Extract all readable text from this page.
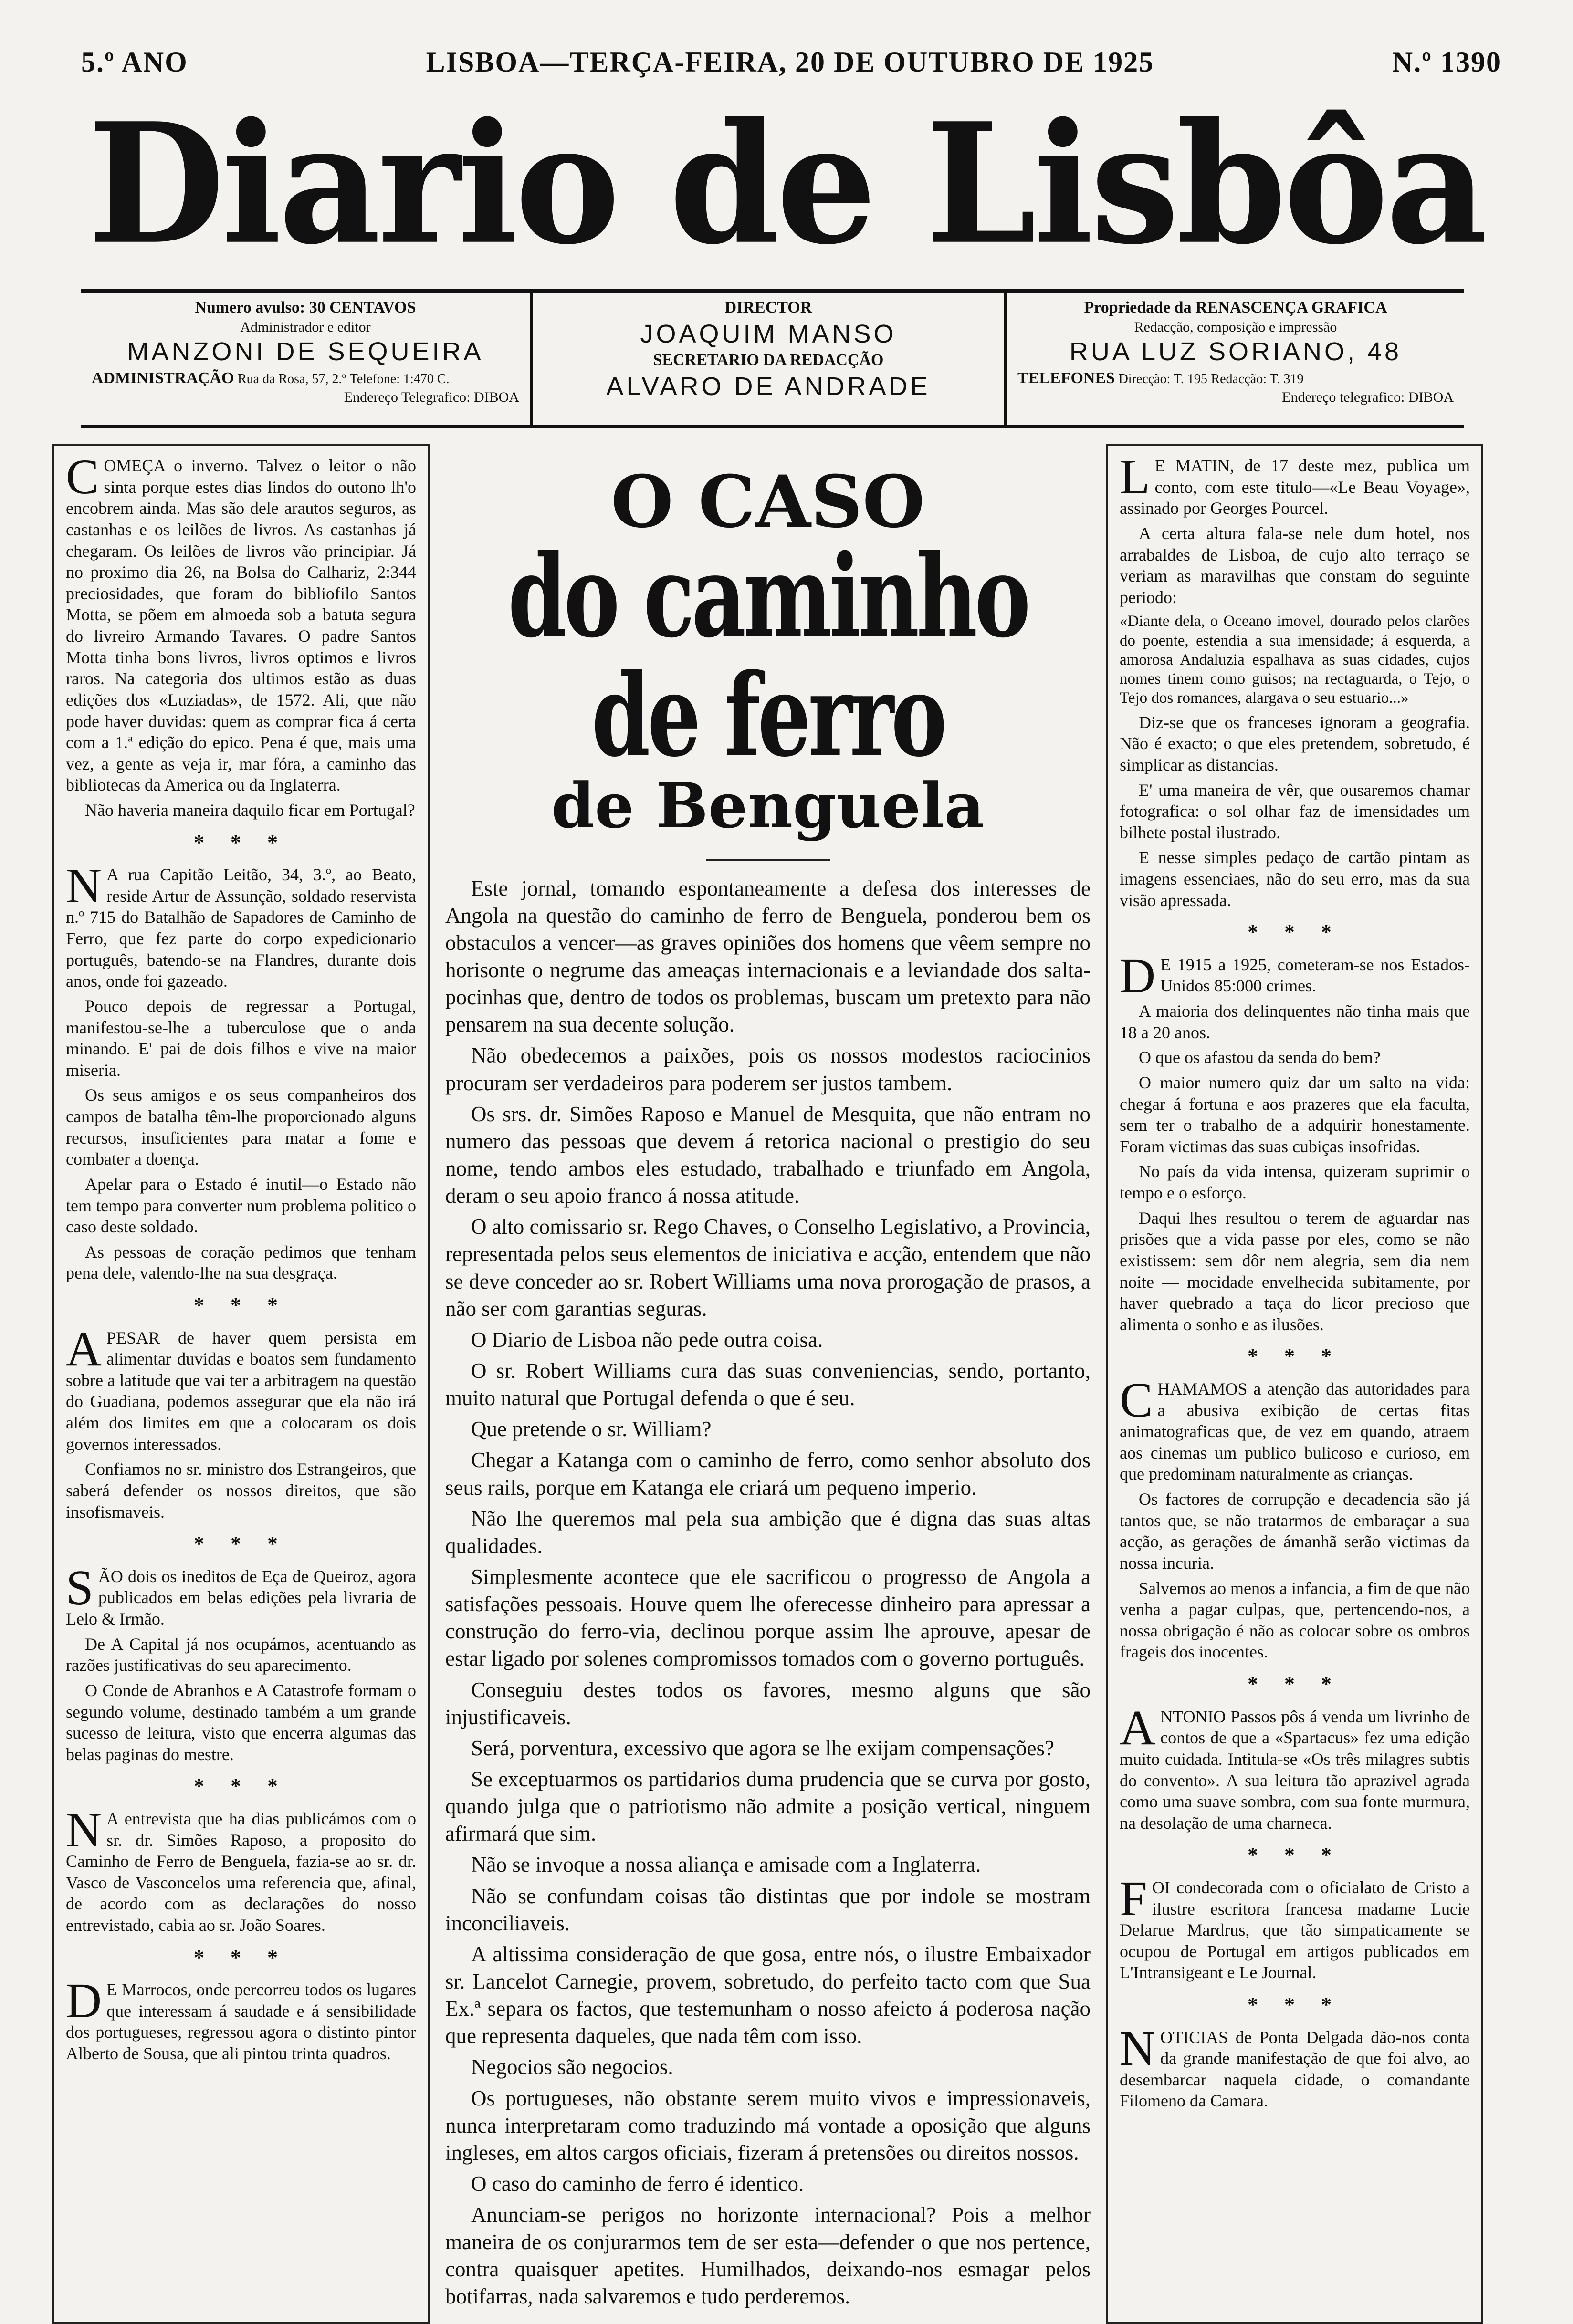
5.º ANO	LISBOA—TERÇA-FEIRA, 20 DE OUTUBRO DE 1925	N.º 1390
Diario de Lisbôa
Numero avulso: 30 CENTAVOS
Administrador e editor
MANZONI DE SEQUEIRA
ADMINISTRAÇÃO Rua da Rosa, 57, 2.º Telefone: 1:470 C.
Endereço Telegrafico: DIBOA
DIRECTOR
JOAQUIM MANSO
SECRETARIO DA REDACÇÃO
ALVARO DE ANDRADE
Propriedade da RENASCENÇA GRAFICA
Redacção, composição e impressão
RUA LUZ SORIANO, 48
TELEFONES Direcção: T. 195 Redacção: T. 319
Endereço telegrafico: DIBOA

COMEÇA o inverno. Talvez o leitor o não sinta porque estes dias lindos do outono lh'o encobrem ainda. Mas são dele arautos seguros, as castanhas e os leilões de livros. As castanhas já chegaram. Os leilões de livros vão principiar. Já no proximo dia 26, na Bolsa do Calhariz, 2:344 preciosidades, que foram do bibliofilo Santos Motta, se põem em almoeda sob a batuta segura do livreiro Armando Tavares. O padre Santos Motta tinha bons livros, livros optimos e livros raros. Na categoria dos ultimos estão as duas edições dos «Luziadas», de 1572. Ali, que não pode haver duvidas: quem as comprar fica á certa com a 1.ª edição do epico. Pena é que, mais uma vez, a gente as veja ir, mar fóra, a caminho das bibliotecas da America ou da Inglaterra.

Não haveria maneira daquilo ficar em Portugal?

* * *

N A rua Capitão Leitão, 34, 3.º, ao Beato, reside Artur de Assunção, soldado reservista n.º 715 do Batalhão de Sapadores de Caminho de Ferro, que fez parte do corpo expedicionario português, batendo-se na Flandres, durante dois anos, onde foi gazeado.

Pouco depois de regressar a Portugal, manifestou-se-lhe a tuberculose que o anda minando. E' pai de dois filhos e vive na maior miseria.

Os seus amigos e os seus companheiros dos campos de batalha têm-lhe proporcionado alguns recursos, insuficientes para matar a fome e combater a doença.

Apelar para o Estado é inutil—o Estado não tem tempo para converter num problema politico o caso deste soldado.

As pessoas de coração pedimos que tenham pena dele, valendo-lhe na sua desgraça.

* * *

APESAR de haver quem persista em alimentar duvidas e boatos sem fundamento sobre a latitude que vai ter a arbitragem na questão do Guadiana, podemos assegurar que ela não irá além dos limites em que a colocaram os dois governos interessados.

Confiamos no sr. ministro dos Estrangeiros, que saberá defender os nossos direitos, que são insofismaveis.

* * *

SÃO dois os ineditos de Eça de Queiroz, agora publicados em belas edições pela livraria de Lelo & Irmão.

De A Capital já nos ocupámos, acentuando as razões justificativas do seu aparecimento.

O Conde de Abranhos e A Catastrofe formam o segundo volume, destinado também a um grande sucesso de leitura, visto que encerra algumas das belas paginas do mestre.

* * *

N A entrevista que ha dias publicámos com o sr. dr. Simões Raposo, a proposito do Caminho de Ferro de Benguela, fazia-se ao sr. dr. Vasco de Vasconcelos uma referencia que, afinal, de acordo com as declarações do nosso entrevistado, cabia ao sr. João Soares.

* * *

D E Marrocos, onde percorreu todos os lugares que interessam á saudade e á sensibilidade dos portugueses, regressou agora o distinto pintor Alberto de Sousa, que ali pintou trinta quadros.

O CASO
do caminho de ferro
de Benguela

Este jornal, tomando espontaneamente a defesa dos interesses de Angola na questão do caminho de ferro de Benguela, ponderou bem os obstaculos a vencer—as graves opiniões dos homens que vêem sempre no horisonte o negrume das ameaças internacionais e a leviandade dos salta-pocinhas que, dentro de todos os problemas, buscam um pretexto para não pensarem na sua decente solução.

Não obedecemos a paixões, pois os nossos modestos raciocinios procuram ser verdadeiros para poderem ser justos tambem.

Os srs. dr. Simões Raposo e Manuel de Mesquita, que não entram no numero das pessoas que devem á retorica nacional o prestigio do seu nome, tendo ambos eles estudado, trabalhado e triunfado em Angola, deram o seu apoio franco á nossa atitude.

O alto comissario sr. Rego Chaves, o Conselho Legislativo, a Provincia, representada pelos seus elementos de iniciativa e acção, entendem que não se deve conceder ao sr. Robert Williams uma nova prorogação de prasos, a não ser com garantias seguras.

O Diario de Lisboa não pede outra coisa.

O sr. Robert Williams cura das suas conveniencias, sendo, portanto, muito natural que Portugal defenda o que é seu.

Que pretende o sr. William?

Chegar a Katanga com o caminho de ferro, como senhor absoluto dos seus rails, porque em Katanga ele criará um pequeno imperio.

Não lhe queremos mal pela sua ambição que é digna das suas altas qualidades.

Simplesmente acontece que ele sacrificou o progresso de Angola a satisfações pessoais. Houve quem lhe oferecesse dinheiro para apressar a construção do ferro-via, declinou porque assim lhe aprouve, apesar de estar ligado por solenes compromissos tomados com o governo português.

Conseguiu destes todos os favores, mesmo alguns que são injustificaveis.

Será, porventura, excessivo que agora se lhe exijam compensações?

Se exceptuarmos os partidarios duma prudencia que se curva por gosto, quando julga que o patriotismo não admite a posição vertical, ninguem afirmará que sim.

Não se invoque a nossa aliança e amisade com a Inglaterra.

Não se confundam coisas tão distintas que por indole se mostram inconciliaveis.

A altissima consideração de que gosa, entre nós, o ilustre Embaixador sr. Lancelot Carnegie, provem, sobretudo, do perfeito tacto com que Sua Ex.ª separa os factos, que testemunham o nosso afeicto á poderosa nação que representa daqueles, que nada têm com isso.

Negocios são negocios.

Os portugueses, não obstante serem muito vivos e impressionaveis, nunca interpretaram como traduzindo má vontade a oposição que alguns ingleses, em altos cargos oficiais, fizeram á pretensões ou direitos nossos.

O caso do caminho de ferro é identico.

Anunciam-se perigos no horizonte internacional? Pois a melhor maneira de os conjurarmos tem de ser esta—defender o que nos pertence, contra quaisquer apetites. Humilhados, deixando-nos esmagar pelos botifarras, nada salvaremos e tudo perderemos.

L E MATIN, de 17 deste mez, publica um conto, com este titulo—«Le Beau Voyage», assinado por Georges Pourcel.

A certa altura fala-se nele dum hotel, nos arrabaldes de Lisboa, de cujo alto terraço se veriam as maravilhas que constam do seguinte periodo:

«Diante dela, o Oceano imovel, dourado pelos clarões do poente, estendia a sua imensidade; á esquerda, a amorosa Andaluzia espalhava as suas cidades, cujos nomes tinem como guisos; na rectaguarda, o Tejo, o Tejo dos romances, alargava o seu estuario...»

Diz-se que os franceses ignoram a geografia. Não é exacto; o que eles pretendem, sobretudo, é simplicar as distancias.

E' uma maneira de vêr, que ousaremos chamar fotografica: o sol olhar faz de imensidades um bilhete postal ilustrado.

E nesse simples pedaço de cartão pintam as imagens essenciaes, não do seu erro, mas da sua visão apressada.

* * *

D E 1915 a 1925, cometeram-se nos Estados-Unidos 85:000 crimes.

A maioria dos delinquentes não tinha mais que 18 a 20 anos.

O que os afastou da senda do bem?

O maior numero quiz dar um salto na vida: chegar á fortuna e aos prazeres que ela faculta, sem ter o trabalho de a adquirir honestamente. Foram victimas das suas cubiças insofridas.

No país da vida intensa, quizeram suprimir o tempo e o esforço.

Daqui lhes resultou o terem de aguardar nas prisões que a vida passe por eles, como se não existissem: sem dôr nem alegria, sem dia nem noite — mocidade envelhecida subitamente, por haver quebrado a taça do licor precioso que alimenta o sonho e as ilusões.

* * *

CHAMAMOS a atenção das autoridades para a abusiva exibição de certas fitas animatograficas que, de vez em quando, atraem aos cinemas um publico bulicoso e curioso, em que predominam naturalmente as crianças.

Os factores de corrupção e decadencia são já tantos que, se não tratarmos de embaraçar a sua acção, as gerações de ámanhã serão victimas da nossa incuria.

Salvemos ao menos a infancia, a fim de que não venha a pagar culpas, que, pertencendo-nos, a nossa obrigação é não as colocar sobre os ombros frageis dos inocentes.

* * *

ANTONIO Passos pôs á venda um livrinho de contos de que a «Spartacus» fez uma edição muito cuidada. Intitula-se «Os três milagres subtis do convento». A sua leitura tão aprazivel agrada como uma suave sombra, com sua fonte murmura, na desolação de uma charneca.

* * *

FOI condecorada com o oficialato de Cristo a ilustre escritora francesa madame Lucie Delarue Mardrus, que tão simpaticamente se ocupou de Portugal em artigos publicados em L'Intransigeant e Le Journal.

* * *

NOTICIAS de Ponta Delgada dão-nos conta da grande manifestação de que foi alvo, ao desembarcar naquela cidade, o comandante Filomeno da Camara.
